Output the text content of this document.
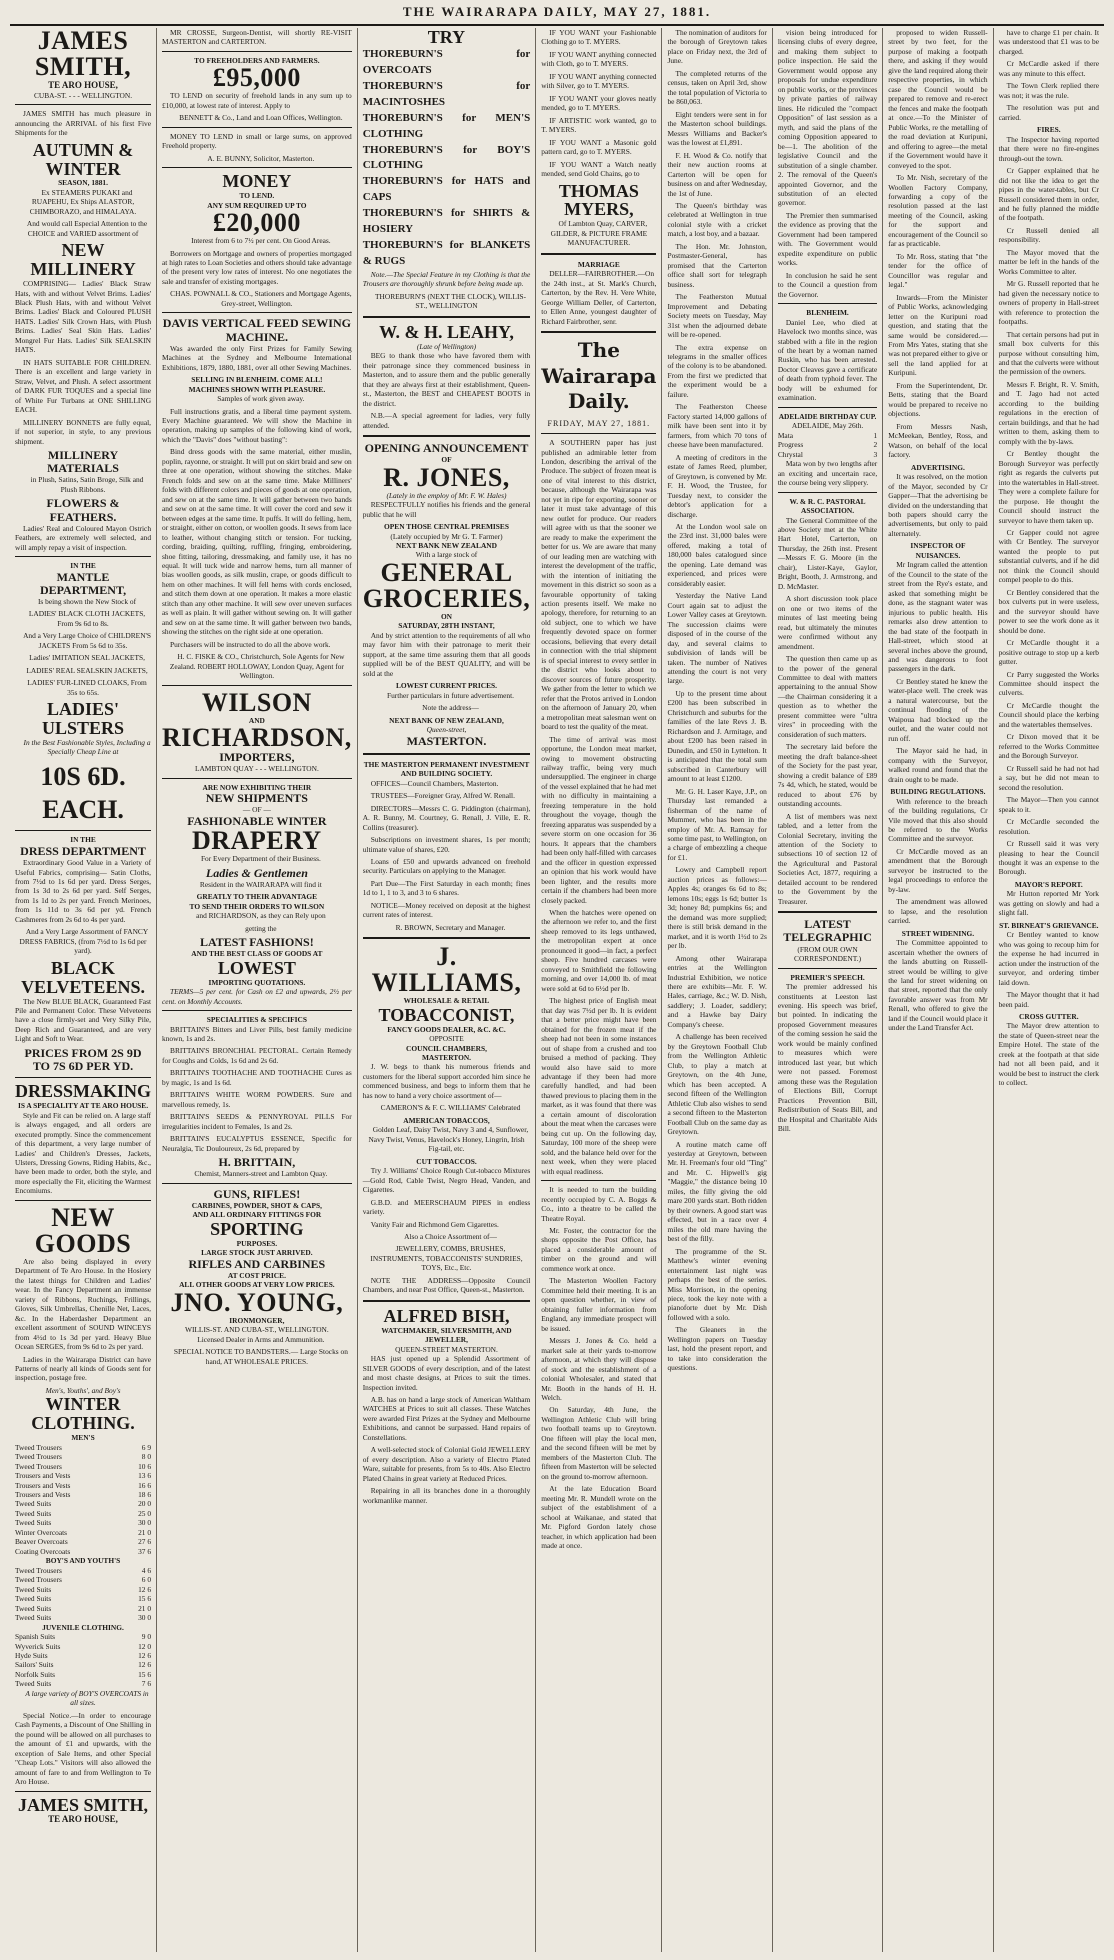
THE WAIRARAPA DAILY, MAY 27, 1881.
JAMES SMITH,
TE ARO HOUSE,
CUBA-ST. - - - WELLINGTON.

JAMES SMITH has much pleasure in announcing the ARRIVAL of his first Five Shipments for the

AUTUMN & WINTER
SEASON, 1881.

Ex STEAMERS PUKAKI and RUAPEHU, Ex Ships ALASTOR, CHIMBORAZO, and HIMALAYA.

And would call Especial Attention to the CHOICE and VARIED assortment of

NEW
MILLINERY

COMPRISING— Ladies' Black Straw Hats, with and without Velvet Brims. Ladies' Black Plush Hats, with and without Velvet Brims. Ladies' Black and Coloured PLUSH HATS. Ladies' Silk Crown Hats, with Plush Brims. Ladies' Seal Skin Hats. Ladies' Mongrel Fur Hats. Ladies' Silk SEALSKIN HATS.

IN HATS SUITABLE FOR CHILDREN. There is an excellent and large variety in Straw, Velvet, and Plush. A select assortment of DARK FUR TOQUES and a special line of White Fur Turbans at ONE SHILLING EACH.

MILLINERY BONNETS are fully equal, if not superior, in style, to any previous shipment.

MILLINERY MATERIALS

in Plush, Satins, Satin Broge, Silk and Plush Ribbons.

FLOWERS & FEATHERS.

Ladies' Real and Coloured Mayon Ostrich Feathers, are extremely well selected, and will amply repay a visit of inspection.

IN THE
MANTLE DEPARTMENT,

Is being shown the New Stock of

LADIES' BLACK CLOTH JACKETS, From 9s 6d to 8s.

And a Very Large Choice of CHILDREN'S JACKETS From 5s 6d to 35s.

Ladies' IMITATION SEAL JACKETS,

LADIES' REAL SEALSKIN JACKETS,

LADIES' FUR-LINED CLOAKS, From 35s to 65s.

LADIES' ULSTERS

In the Best Fashionable Styles, Including a Specially Cheap Line at

10S 6D. EACH.
IN THE
DRESS DEPARTMENT

Extraordinary Good Value in a Variety of Useful Fabrics, comprising— Satin Cloths, from 7½d to 1s 6d per yard. Dress Serges, from 1s 3d to 2s 6d per yard. Self Serges, from 1s 1d to 2s per yard. French Merinoes, from 1s 11d to 3s 6d per yd. French Cashmeres from 2s 6d to 4s per yard.

And a Very Large Assortment of FANCY DRESS FABRICS, (from 7½d to 1s 6d per yard).

BLACK
VELVETEENS.

The New BLUE BLACK, Guaranteed Fast Pile and Permanent Color. These Velveteens have a close firmly-set and Very Silky Pile, Deep Rich and Guaranteed, and are very Light and Soft to Wear.

PRICES FROM 2S 9D TO 7S 6D PER YD.
DRESSMAKING
IS A SPECIALITY AT TE ARO HOUSE.

Style and Fit can be relied on. A large staff is always engaged, and all orders are executed promptly. Since the commencement of this department, a very large number of Ladies' and Children's Dresses, Jackets, Ulsters, Dressing Gowns, Riding Habits, &c., have been made to order, both the style, and more especially the Fit, eliciting the Warmest Encomiums.

NEW GOODS

Are also being displayed in every Department of Te Aro House. In the Hosiery the latest things for Children and Ladies' wear. In the Fancy Department an immense variety of Ribbons, Ruchings, Frillings, Gloves, Silk Umbrellas, Chenille Net, Laces, &c. In the Haberdasher Department an excellent assortment of SOUND WINCEYS from 4½d to 1s 3d per yard. Heavy Blue Ocean SERGES, from 9s 6d to 2s per yard.

Ladies in the Wairarapa District can have Patterns of nearly all kinds of Goods sent for inspection, postage free.

Men's, Youths', and Boy's
WINTER
CLOTHING.
MEN'S
Tweed Trousers	6 9
Tweed Trousers	8 0
Tweed Trousers	10 6
Trousers and Vests	13 6
Trousers and Vests	16 6
Trousers and Vests	18 6
Tweed Suits	20 0
Tweed Suits	25 0
Tweed Suits	30 0
Winter Overcoats	21 0
Beaver Overcoats	27 6
Coating Overcoats	37 6
BOY'S AND YOUTH'S
Tweed Trousers	4 6
Tweed Trousers	6 0
Tweed Suits	12 6
Tweed Suits	15 6
Tweed Suits	21 0
Tweed Suits	30 0
JUVENILE CLOTHING.
Spanish Suits	9 0
Wyverick Suits	12 0
Hyde Suits	12 6
Sailors' Suits	12 6
Norfolk Suits	15 6
Tweed Suits	7 6

A large variety of BOY'S OVERCOATS in all sizes.

Special Notice.—In order to encourage Cash Payments, a Discount of One Shilling in the pound will be allowed on all purchases to the amount of £1 and upwards, with the exception of Sale Items, and other Special "Cheap Lots." Visitors will also allowed the amount of fare to and from Wellington to Te Aro House.

JAMES SMITH,
TE ARO HOUSE,

MR CROSSE, Surgeon-Dentist, will shortly RE-VISIT MASTERTON and CARTERTON.

TO FREEHOLDERS AND FARMERS.
£95,000

TO LEND on security of freehold lands in any sum up to £10,000, at lowest rate of interest. Apply to

BENNETT & Co., Land and Loan Offices, Wellington.

MONEY TO LEND in small or large sums, on approved Freehold property.

A. E. BUNNY, Solicitor, Masterton.

MONEY
TO LEND.
ANY SUM REQUIRED UP TO
£20,000

Interest from 6 to 7½ per cent. On Good Areas.

Borrowers on Mortgage and owners of properties mortgaged at high rates to Loan Societies and others should take advantage of the present very low rates of interest. No one negotiates the sale and transfer of existing mortgages.

CHAS. POWNALL & CO., Stationers and Mortgage Agents, Grey-street, Wellington.

DAVIS VERTICAL FEED SEWING MACHINE.

Was awarded the only First Prizes for Family Sewing Machines at the Sydney and Melbourne International Exhibitions, 1879, 1880, 1881, over all other Sewing Machines.

SELLING IN BLENHEIM. COME ALL!
MACHINES SHOWN WITH PLEASURE.

Samples of work given away.

Full instructions gratis, and a liberal time payment system. Every Machine guaranteed. We will show the Machine in operation, making up samples of the following kind of work, which the "Davis" does "without basting":

Bind dress goods with the same material, either muslin, poplin, rayonne, or straight. It will put on skirt braid and sew on three at one operation, without showing the stitches. Make French folds and sew on at the same time. Make Milliners' folds with different colors and pieces of goods at one operation, and sew on at the same time. It will gather between two bands and sew on at the same time. It will cover the cord and sew it between edges at the same time. It puffs. It will do felling, hem, or straight, either on cotton, or woollen goods. It sews from lace to leather, without changing stitch or tension. For tucking, cording, braiding, quilting, ruffling, fringing, embroidering, shoe fitting, tailoring, dressmaking, and family use, it has no equal. It will tuck wide and narrow hems, turn all manner of bias woollen goods, as silk muslin, crape, or goods difficult to hem on other machines. It will fell hems with cords enclosed, and stitch them down at one operation. It makes a more elastic stitch than any other machine. It will sew over uneven surfaces as well as plain. It will gather without sewing on. It will gather and sew on at the same time. It will gather between two bands, showing the stitches on the right side at one operation.

Purchasers will be instructed to do all the above work.

H. C. FISKE & CO., Christchurch, Sole Agents for New Zealand. ROBERT HOLLOWAY, London Quay, Agent for Wellington.

WILSON
AND
RICHARDSON,
IMPORTERS,
LAMBTON QUAY - - - WELLINGTON.
ARE NOW EXHIBITING THEIR
NEW SHIPMENTS
— OF —
FASHIONABLE WINTER
DRAPERY

For Every Department of their Business.

Ladies & Gentlemen

Resident in the WAIRARAPA will find it

GREATLY TO THEIR ADVANTAGE
TO SEND THEIR ORDERS TO WILSON

and RICHARDSON, as they can Rely upon

getting the

LATEST FASHIONS!
AND THE BEST CLASS OF GOODS AT
LOWEST
IMPORTING QUOTATIONS.

TERMS—5 per cent. for Cash on £2 and upwards, 2½ per cent. on Monthly Accounts.

SPECIALITIES & SPECIFICS

BRITTAIN'S Bitters and Liver Pills, best family medicine known, 1s and 2s.

BRITTAIN'S BRONCHIAL PECTORAL. Certain Remedy for Coughs and Colds, 1s 6d and 2s 6d.

BRITTAIN'S TOOTHACHE AND TOOTHACHE Cures as by magic, 1s and 1s 6d.

BRITTAIN'S WHITE WORM POWDERS. Sure and marvellous remedy, 1s.

BRITTAIN'S SEEDS & PENNYROYAL PILLS For irregularities incident to Females, 1s and 2s.

BRITTAIN'S EUCALYPTUS ESSENCE, Specific for Neuralgia, Tic Douloureux, 2s 6d, prepared by

H. BRITTAIN,

Chemist, Manners-street and Lambton Quay.

GUNS, RIFLES!
CARBINES, POWDER, SHOT & CAPS,
AND ALL ORDINARY FITTINGS FOR
SPORTING
PURPOSES.
LARGE STOCK JUST ARRIVED.
RIFLES AND CARBINES
AT COST PRICE.
ALL OTHER GOODS AT VERY LOW PRICES.
JNO. YOUNG,
IRONMONGER,
WILLIS-ST. AND CUBA-ST., WELLINGTON.

Licensed Dealer in Arms and Ammunition.

SPECIAL NOTICE TO BANDSTERS.— Large Stocks on hand, AT WHOLESALE PRICES.

TRY
THOREBURN'S for OVERCOATS
THOREBURN'S for MACINTOSHES
THOREBURN'S for MEN'S CLOTHING
THOREBURN'S for BOY'S CLOTHING
THOREBURN'S for HATS and CAPS
THOREBURN'S for SHIRTS & HOSIERY
THOREBURN'S for BLANKETS & RUGS

Note.—The Special Feature in my Clothing is that the Trousers are thoroughly shrunk before being made up.

THOREBURN'S (NEXT THE CLOCK), WILLIS-ST., WELLINGTON

W. & H. LEAHY,
(Late of Wellington)

BEG to thank those who have favored them with their patronage since they commenced business in Masterton, and to assure them and the public generally that they are always first at their establishment, Queen-st., Masterton, the BEST and CHEAPEST BOOTS in the district.

N.B.—A special agreement for ladies, very fully attended.

OPENING ANNOUNCEMENT
OF
R. JONES,
(Lately in the employ of Mr. F. W. Hales)

RESPECTFULLY notifies his friends and the general public that he will

OPEN THOSE CENTRAL PREMISES
(Lately occupied by Mr G. T. Farmer)
NEXT BANK NEW ZEALAND
With a large stock of
GENERAL
GROCERIES,
ON
SATURDAY, 28TH INSTANT,

And by strict attention to the requirements of all who may favor him with their patronage to merit their support, at the same time assuring them that all goods supplied will be of the BEST QUALITY, and will be sold at the

LOWEST CURRENT PRICES.

Further particulars in future advertisement.

Note the address—

NEXT BANK OF NEW ZEALAND,
Queen-street,
MASTERTON.
THE MASTERTON PERMANENT INVESTMENT AND BUILDING SOCIETY.

OFFICES—Council Chambers, Masterton.

TRUSTEES—Foreigner Gray, Alfred W. Renall.

DIRECTORS—Messrs C. G. Piddington (chairman), A. R. Bunny, M. Courtney, G. Renall, J. Ville, E. R. Collins (treasurer).

Subscriptions on investment shares, 1s per month; ultimate value of shares, £20.

Loans of £50 and upwards advanced on freehold security. Particulars on applying to the Manager.

Part Due—The First Saturday in each month; fines 1d to 1, 1 to 3, and 3 to 6 shares.

NOTICE—Money received on deposit at the highest current rates of interest.

R. BROWN, Secretary and Manager.

J. WILLIAMS,
WHOLESALE & RETAIL
TOBACCONIST,
FANCY GOODS DEALER, &C. &C.
OPPOSITE
COUNCIL CHAMBERS,
MASTERTON.

J. W. begs to thank his numerous friends and customers for the liberal support accorded him since he commenced business, and begs to inform them that he has now to hand a very choice assortment of—

CAMERON'S & F. C. WILLIAMS' Celebrated

AMERICAN TOBACCOS,

Golden Leaf, Daisy Twist, Navy 3 and 4, Sunflower, Navy Twist, Venus, Havelock's Honey, Lingrin, Irish Fig-tail, etc.

CUT TOBACCOS.

Try J. Williams' Choice Rough Cut-tobacco Mixtures—Gold Rod, Cable Twist, Negro Head, Vanden, and Cigarettes.

G.B.D. and MEERSCHAUM PIPES in endless variety.

Vanity Fair and Richmond Gem Cigarettes.

Also a Choice Assortment of—

JEWELLERY, COMBS, BRUSHES, INSTRUMENTS, TOBACCONISTS' SUNDRIES, TOYS, Etc., Etc.

NOTE THE ADDRESS—Opposite Council Chambers, and near Post Office, Queen-st., Masterton.

ALFRED BISH,
WATCHMAKER, SILVERSMITH, AND JEWELLER,
QUEEN-STREET MASTERTON.

HAS just opened up a Splendid Assortment of SILVER GOODS of every description, and of the latest and most chaste designs, at Prices to suit the times. Inspection invited.

A.B. has on hand a large stock of American Waltham WATCHES at Prices to suit all classes. These Watches were awarded First Prizes at the Sydney and Melbourne Exhibitions, and cannot be surpassed. Hand repairs of Constellations.

A well-selected stock of Colonial Gold JEWELLERY of every description. Also a variety of Electro Plated Ware, suitable for presents, from 5s to 40s. Also Electro Plated Chains in great variety at Reduced Prices.

Repairing in all its branches done in a thoroughly workmanlike manner.

IF YOU WANT your Fashionable Clothing go to T. MYERS.

IF YOU WANT anything connected with Cloth, go to T. MYERS.

IF YOU WANT anything connected with Silver, go to T. MYERS.

IF YOU WANT your gloves neatly mended, go to T. MYERS.

IF ARTISTIC work wanted, go to T. MYERS.

IF YOU WANT a Masonic gold pattern card, go to T. MYERS.

IF YOU WANT a Watch neatly mended, send Gold Chains, go to

THOMAS MYERS,

Of Lambton Quay, CARVER, GILDER, & PICTURE FRAME MANUFACTURER.

MARRIAGE

DELLER—FAIRBROTHER.—On the 24th inst., at St. Mark's Church, Carterton, by the Rev. H. Vere White, George William Deller, of Carterton, to Ellen Anne, youngest daughter of Richard Fairbrother, senr.

The Wairarapa Daily.
FRIDAY, MAY 27, 1881.

A SOUTHERN paper has just published an admirable letter from London, describing the arrival of the Produce. The subject of frozen meat is one of vital interest to this district, because, although the Wairarapa was not yet in ripe for exporting, sooner or later it must take advantage of this new outlet for produce. Our readers will agree with us that the sooner we are ready to make the experiment the better for us. We are aware that many of our leading men are watching with interest the development of the traffic, with the intention of initiating the movement in this district so soon as a favourable opportunity of taking action presents itself. We make no apology, therefore, for returning to an old subject, one to which we have frequently devoted space on former occasions, believing that every detail in connection with the trial shipment is of special interest to every settler in the district who looks about to discover sources of future prosperity. We gather from the letter to which we refer that the Protos arrived in London on the afternoon of January 20, when a metropolitan meat salesman went on board to test the quality of the meat.

The time of arrival was most opportune, the London meat market, owing to movement obstructing railway traffic, being very much undersupplied. The engineer in charge of the vessel explained that he had met with no difficulty in maintaining a freezing temperature in the hold throughout the voyage, though the freezing apparatus was suspended by a severe storm on one occasion for 36 hours. It appears that the chambers had been only half-filled with carcases and the officer in question expressed an opinion that his work would have been lighter, and the results more certain if the chambers had been more closely packed.

When the hatches were opened on the afternoon we refer to, and the first sheep removed to its legs unthawed, the metropolitan expert at once pronounced it good—in fact, a perfect sheep. Five hundred carcases were conveyed to Smithfield the following morning, and over 14,000 lb. of meat were sold at 6d to 6½d per lb.

The highest price of English meat that day was 7½d per lb. It is evident that a better price might have been obtained for the frozen meat if the sheep had not been in some instances out of shape from a crushed and too bruised a method of packing. They would also have said to more advantage if they been had more carefully handled, and had been thawed previous to placing them in the market, as it was found that there was a certain amount of discoloration about the meat when the carcases were being cut up. On the following day, Saturday, 100 more of the sheep were sold, and the balance held over for the next week, when they were placed with equal readiness.

It is needed to turn the building recently occupied by C. A. Boggs & Co., into a theatre to be called the Theatre Royal.

Mr. Foster, the contractor for the shops opposite the Post Office, has placed a considerable amount of timber on the ground and will commence work at once.

The Masterton Woollen Factory Committee held their meeting. It is an open question whether, in view of obtaining fuller information from England, any immediate prospect will be issued.

Messrs J. Jones & Co. held a market sale at their yards to-morrow afternoon, at which they will dispose of stock and the establishment of a colonial Wholesaler, and stated that Mr. Booth in the hands of H. H. Welch.

On Saturday, 4th June, the Wellington Athletic Club will bring two football teams up to Greytown. One fifteen will play the local men, and the second fifteen will be met by members of the Masterton Club. The fifteen from Masterton will be selected on the ground to-morrow afternoon.

At the late Education Board meeting Mr. R. Mundell wrote on the subject of the establishment of a school at Waikanae, and stated that Mr. Pigford Gordon lately chose teacher, in which application had been made at once.

The nomination of auditors for the borough of Greytown takes place on Friday next, the 3rd of June.

The completed returns of the census, taken on April 3rd, show the total population of Victoria to be 860,063.

Eight tenders were sent in for the Masterton school buildings. Messrs Williams and Backer's was the lowest at £1,891.

F. H. Wood & Co. notify that their new auction rooms at Carterton will be open for business on and after Wednesday, the 1st of June.

The Queen's birthday was celebrated at Wellington in true colonial style with a cricket match, a lost boy, and a bazaar.

The Hon. Mr. Johnston, Postmaster-General, has promised that the Carterton office shall sort for telegraph business.

The Featherston Mutual Improvement and Debating Society meets on Tuesday, May 31st when the adjourned debate will be re-opened.

The extra expense on telegrams in the smaller offices of the colony is to be abandoned. From the first we predicted that the experiment would be a failure.

The Featherston Cheese Factory started 14,000 gallons of milk have been sent into it by farmers, from which 70 tons of cheese have been manufactured.

A meeting of creditors in the estate of James Reed, plumber, of Greytown, is convened by Mr. F. H. Wood, the Trustee, for Tuesday next, to consider the debtor's application for a discharge.

At the London wool sale on the 23rd inst. 31,000 bales were offered, making a total of 180,000 bales catalogued since the opening. Late demand was experienced, and prices were considerably easier.

Yesterday the Native Land Court again sat to adjust the Lower Valley cases at Greytown. The succession claims were disposed of in the course of the day, and several claims to subdivision of lands will be taken. The number of Natives attending the court is not very large.

Up to the present time about £200 has been subscribed in Christchurch and suburbs for the families of the late Revs J. B. Richardson and J. Armitage, and about £200 has been raised in Dunedin, and £50 in Lyttelton. It is anticipated that the total sum subscribed in Canterbury will amount to at least £1200.

Mr. G. H. Laser Kaye, J.P., on Thursday last remanded a fisherman of the name of Mummer, who has been in the employ of Mr. A. Ramsay for some time past, to Wellington, on a charge of embezzling a cheque for £1.

Lowry and Campbell report auction prices as follows:—Apples 4s; oranges 6s 6d to 8s; lemons 10s; eggs 1s 6d; butter 1s 3d; honey 8d; pumpkins 6s; and the demand was more supplied; there is still brisk demand in the market, and it is worth 1½d to 2s per lb.

Among other Wairarapa entries at the Wellington Industrial Exhibition, we notice there are exhibits—Mr. F. W. Hales, carriage, &c.; W. D. Nish, saddlery; J. Loader, saddlery; and a Hawke bay Dairy Company's cheese.

A challenge has been received by the Greytown Football Club from the Wellington Athletic Club, to play a match at Greytown, on the 4th June, which has been accepted. A second fifteen of the Wellington Athletic Club also wishes to send a second fifteen to the Masterton Football Club on the same day as Greytown.

A routine match came off yesterday at Greytown, between Mr. H. Freeman's four old "Ting" and Mr. C. Hipwell's gig "Maggie," the distance being 10 miles, the filly giving the old mare 200 yards start. Both ridden by their owners. A good start was effected, but in a race over 4 miles the old mare having the best of the filly.

The programme of the St. Matthew's winter evening entertainment last night was perhaps the best of the series. Miss Morrison, in the opening piece, took the key note with a pianoforte duet by Mr. Dish followed with a solo.

The Gleaners in the Wellington papers on Tuesday last, hold the present report, and to take into consideration the questions.

vision being introduced for licensing clubs of every degree, and making them subject to police inspection. He said the Government would oppose any proposals for undue expenditure on public works, or the provinces by private parties of railway lines. He ridiculed the "compact Opposition" of last session as a myth, and said the plans of the coming Opposition appeared to be—1. The abolition of the legislative Council and the substitution of a single chamber. 2. The removal of the Queen's appointed Governor, and the substitution of an elected governor.

The Premier then summarised the evidence as proving that the Government had been tampered with. The Government would expedite expenditure on public works.

In conclusion he said he sent to the Council a question from the Governor.

BLENHEIM.

Daniel Lee, who died at Havelock two months since, was stabbed with a file in the region of the heart by a woman named Ruskin, who has been arrested. Doctor Cleaves gave a certificate of death from typhoid fever. The body will be exhumed for examination.

ADELAIDE BIRTHDAY CUP.
ADELAIDE, May 26th.
Mata	1
Progress	2
Chrystal	3

Mata won by two lengths after an exciting and uncertain race, the course being very slippery.

W. & R. C. PASTORAL ASSOCIATION.

The General Committee of the above Society met at the White Hart Hotel, Carterton, on Thursday, the 26th inst. Present—Messrs F. G. Moore (in the chair), Lister-Kaye, Gaylor, Bright, Booth, J. Armstrong, and D. McMaster.

A short discussion took place on one or two items of the minutes of last meeting being read, but ultimately the minutes were confirmed without any amendment.

The question then came up as to the power of the general Committee to deal with matters appertaining to the annual Show—the Chairman considering it a question as to whether the present committee were "ultra vires" in proceeding with the consideration of such matters.

The secretary laid before the meeting the draft balance-sheet of the Society for the past year, showing a credit balance of £89 7s 4d, which, he stated, would be reduced to about £76 by outstanding accounts.

A list of members was next tabled, and a letter from the Colonial Secretary, inviting the attention of the Society to subsections 10 of section 12 of the Agricultural and Pastoral Societies Act, 1877, requiring a detailed account to be rendered to the Government by the Treasurer.

LATEST TELEGRAPHIC
(FROM OUR OWN CORRESPONDENT.)
PREMIER'S SPEECH.

The premier addressed his constituents at Leeston last evening. His speech was brief, but pointed. In indicating the proposed Government measures of the coming session he said the work would be mainly confined to measures which were introduced last year, but which were not passed. Foremost among these was the Regulation of Elections Bill, Corrupt Practices Prevention Bill, Redistribution of Seats Bill, and the Hospital and Charitable Aids Bill.

proposed to widen Russell-street by two feet, for the purpose of making a footpath there, and asking if they would give the land required along their respective properties, in which case the Council would be prepared to remove and re-erect the fences and make the footpath at once.—To the Minister of Public Works, re the metalling of the road deviation at Kuripuni, and offering to agree—the metal if the Government would have it conveyed to the spot.

To Mr. Nish, secretary of the Woollen Factory Company, forwarding a copy of the resolution passed at the last meeting of the Council, asking for the support and encouragement of the Council so far as practicable.

To Mr. Ross, stating that "the tender for the office of Councillor was regular and legal."

Inwards—From the Minister of Public Works, acknowledging letter on the Kuripuni road question, and stating that the same would be considered.—From Mrs Yates, stating that she was not prepared either to give or sell the land applied for at Kuripuni.

From the Superintendent, Dr. Betts, stating that the Board would be prepared to receive no objections.

From Messrs Nash, McMeekan, Bentley, Ross, and Watson, on behalf of the local factory.

ADVERTISING.

It was resolved, on the motion of the Mayor, seconded by Cr Gapper—That the advertising be divided on the understanding that both papers should carry the advertisements, but only to paid alternately.

INSPECTOR OF NUISANCES.

Mr Ingram called the attention of the Council to the state of the street from the Rye's estate, and asked that something might be done, as the stagnant water was injurious to public health. His remarks also drew attention to the bad state of the footpath in Hall-street, which stood at several inches above the ground, and was dangerous to foot passengers in the dark.

Cr Bentley stated he knew the water-place well. The creek was a natural watercourse, but the continual flooding of the Waipoua had blocked up the outlet, and the water could not run off.

The Mayor said he had, in company with the Surveyor, walked round and found that the drain ought to be made.

BUILDING REGULATIONS.

With reference to the breach of the building regulations, Cr Vile moved that this also should be referred to the Works Committee and the surveyor.

Cr McCardle moved as an amendment that the Borough surveyor be instructed to the legal proceedings to enforce the by-law.

The amendment was allowed to lapse, and the resolution carried.

STREET WIDENING.

The Committee appointed to ascertain whether the owners of the lands abutting on Russell-street would be willing to give the land for street widening on that street, reported that the only favorable answer was from Mr Renall, who offered to give the land if the Council would place it under the Land Transfer Act.

have to charge £1 per chain. It was understood that £1 was to be charged.

Cr McCardle asked if there was any minute to this effect.

The Town Clerk replied there was not; it was the rule.

The resolution was put and carried.

FIRES.

The Inspector having reported that there were no fire-engines through-out the town.

Cr Gapper explained that he did not like the idea to get the pipes in the water-tables, but Cr Russell considered them in order, and he fully planned the middle of the footpath.

Cr Russell denied all responsibility.

The Mayor moved that the matter be left in the hands of the Works Committee to alter.

Mr G. Russell reported that he had given the necessary notice to owners of property in Hall-street with reference to protection the footpaths.

That certain persons had put in small box culverts for this purpose without consulting him, and that the culverts were without the permission of the owners.

Messrs F. Bright, R. V. Smith, and T. Jago had not acted according to the building regulations in the erection of certain buildings, and that he had written to them, asking them to comply with the by-laws.

Cr Bentley thought the Borough Surveyor was perfectly right as regards the culverts put into the watertables in Hall-street. They were a complete failure for the purpose. He thought the Council should instruct the surveyor to have them taken up.

Cr Gapper could not agree with Cr Bentley. The surveyor wanted the people to put substantial culverts, and if he did not think the Council should compel people to do this.

Cr Bentley considered that the box culverts put in were useless, and the surveyor should have power to see the work done as it should be done.

Cr McCardle thought it a positive outrage to stop up a kerb gutter.

Cr Parry suggested the Works Committee should inspect the culverts.

Cr McCardle thought the Council should place the kerbing and the watertables themselves.

Cr Dixon moved that it be referred to the Works Committee and the Borough Surveyor.

Cr Russell said he had not had a say, but he did not mean to second the resolution.

The Mayor—Then you cannot speak to it.

Cr McCardle seconded the resolution.

Cr Russell said it was very pleasing to hear the Council thought it was an expense to the Borough.

MAYOR'S REPORT.

Mr Hutton reported Mr York was getting on slowly and had a slight fall.

ST. BIRNEAT'S GRIEVANCE.

Cr Bentley wanted to know who was going to recoup him for the expense he had incurred in action under the instruction of the surveyor, and ordering timber laid down.

The Mayor thought that it had been paid.

CROSS GUTTER.

The Mayor drew attention to the state of Queen-street near the Empire Hotel. The state of the creek at the footpath at that side had not all been paid, and it would be best to instruct the clerk to collect.
